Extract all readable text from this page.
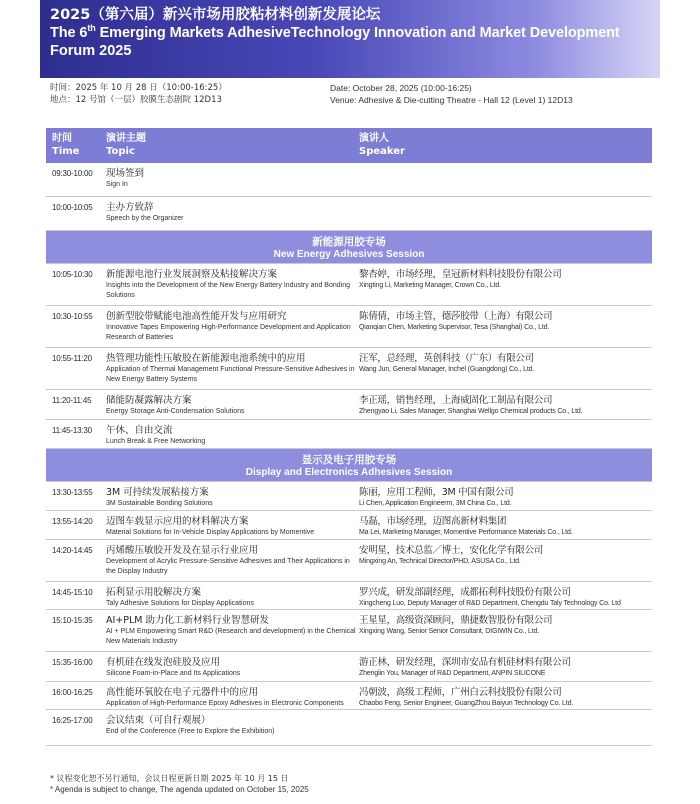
2025（第六届）新兴市场用胶粘材料创新发展论坛
The 6th Emerging Markets AdhesiveTechnology Innovation and Market Development
Forum 2025
时间：2025 年 10 月 28 日（10:00-16:25）	Date: October 28, 2025 (10:00-16:25)
地点：12 号馆（一层）胶膜生态剧院 12D13	Venue: Adhesive & Die-cutting Theatre - Hall 12 (Level 1) 12D13
时间
Time
演讲主题
Topic
演讲人
Speaker
09:30-10:00	现场签到
Sign In
10:00-10:05	主办方致辞
Speech by the Organizer
新能源用胶专场
New Energy Adhesives Session
10:05-10:30	新能源电池行业发展洞察及粘接解决方案
Insights into the Development of the New Energy Battery Industry and Bonding Solutions
黎杏婷，市场经理，皇冠新材料科技股份有限公司
Xingting Li, Marketing Manager, Crown Co., Ltd.
10:30-10:55	创新型胶带赋能电池高性能开发与应用研究
Innovative Tapes Empowering High-Performance Development and Application Research of Batteries
陈倩倩，市场主管，德莎胶带（上海）有限公司
Qianqian Chen, Marketing Supervisor, Tesa (Shanghai) Co., Ltd.
10:55-11:20	热管理功能性压敏胶在新能源电池系统中的应用
Application of Thermal Management Functional Pressure-Sensitive Adhesives in New Energy Battery Systems
汪军，总经理，英创科技（广东）有限公司
Wang Jun, General Manager, Inchel (Guangdong) Co., Ltd.
11:20-11:45	储能防凝露解决方案
Energy Storage Anti-Condensation Solutions
李正瑶，销售经理，上海威固化工制品有限公司
Zhengyao Li, Sales Manager, Shanghai Wellgo Chemical products Co., Ltd.
11:45-13:30	午休、自由交流
Lunch Break & Free Networking
显示及电子用胶专场
Display and Electronics Adhesives Session
13:30-13:55	3M 可持续发展粘接方案
3M Sustainable Bonding Solutions
陈丽，应用工程师，3M 中国有限公司
Li Chen, Application Engineerm, 3M China Co., Ltd.
13:55-14:20	迈图车载显示应用的材料解决方案
Material Solutions for In-Vehicle Display Applications by Momentive
马磊，市场经理，迈图高新材料集团
Ma Lei, Marketing Manager, Momentive Performance Materials Co., Ltd.
14:20-14:45	丙烯酸压敏胶开发及在显示行业应用
Development of Acrylic Pressure-Sensitive Adhesives and Their Applications in the Display Industry
安明星，技术总监／博士，安化化学有限公司
Mingxing An, Technical Director/PHD, ASUSA Co., Ltd.
14:45-15:10	拓利显示用胶解决方案
Taly Adhesive Solutions for Display Applications
罗兴成，研发部副经理，成都拓利科技股份有限公司
Xingcheng Luo, Deputy Manager of R&D Department, Chengdu Taly Technology Co. Ltd
15:10-15:35	AI+PLM 助力化工新材料行业智慧研发
AI + PLM Empowering Smart R&D (Research and development) in the Chemical New Materials Industry
王星星，高级资深顾问，鼎捷数智股份有限公司
Xingxing Wang, Senior Senior Consultant, DIGIWIN Co., Ltd.
15:35-16:00	有机硅在线发泡硅胶及应用
Silicone Foam-in-Place and Its Applications
游正林，研发经理，深圳市安品有机硅材料有限公司
Zhenglin You, Manager of R&D Department, ANPIN SILICONE
16:00-16:25	高性能环氧胶在电子元器件中的应用
Application of High-Performance Epoxy Adhesives in Electronic Components
冯朝波，高级工程师，广州白云科技股份有限公司
Chaobo Feng, Senior Engineer, GuangZhou Baiyun Technology Co. Ltd.
16:25-17:00	会议结束（可自行观展）
End of the Conference (Free to Explore the Exhibition)
* 议程变化恕不另行通知，会议日程更新日期 2025 年 10 月 15 日
* Agenda is subject to change, The agenda updated on October 15, 2025
